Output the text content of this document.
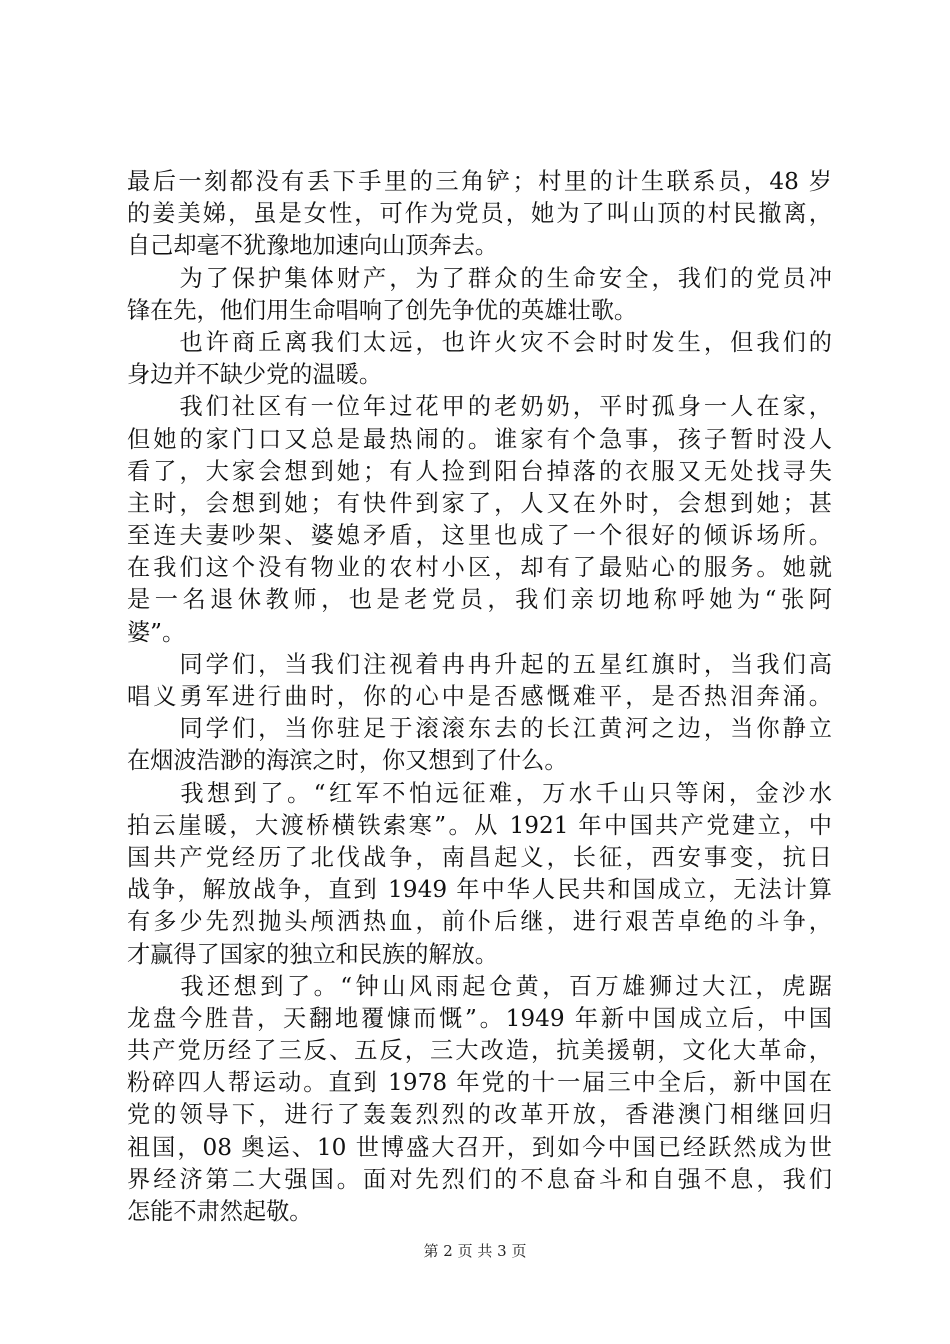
最后一刻都没有丢下手里的三角铲；村里的计生联系员，48 岁
的姜美娣，虽是女性，可作为党员，她为了叫山顶的村民撤离，
自己却毫不犹豫地加速向山顶奔去。
　　为了保护集体财产，为了群众的生命安全，我们的党员冲
锋在先，他们用生命唱响了创先争优的英雄壮歌。
　　也许商丘离我们太远，也许火灾不会时时发生，但我们的
身边并不缺少党的温暖。
　　我们社区有一位年过花甲的老奶奶，平时孤身一人在家，
但她的家门口又总是最热闹的。谁家有个急事，孩子暂时没人
看了，大家会想到她；有人捡到阳台掉落的衣服又无处找寻失
主时，会想到她；有快件到家了，人又在外时，会想到她；甚
至连夫妻吵架、婆媳矛盾，这里也成了一个很好的倾诉场所。
在我们这个没有物业的农村小区，却有了最贴心的服务。她就
是一名退休教师，也是老党员，我们亲切地称呼她为“张阿
婆”。
　　同学们，当我们注视着冉冉升起的五星红旗时，当我们高
唱义勇军进行曲时，你的心中是否感慨难平，是否热泪奔涌。
　　同学们，当你驻足于滚滚东去的长江黄河之边，当你静立
在烟波浩渺的海滨之时，你又想到了什么。
　　我想到了。“红军不怕远征难，万水千山只等闲，金沙水
拍云崖暖，大渡桥横铁索寒”。从 1921 年中国共产党建立，中
国共产党经历了北伐战争，南昌起义，长征，西安事变，抗日
战争，解放战争，直到 1949 年中华人民共和国成立，无法计算
有多少先烈抛头颅洒热血，前仆后继，进行艰苦卓绝的斗争，
才赢得了国家的独立和民族的解放。
　　我还想到了。“钟山风雨起仓黄，百万雄狮过大江，虎踞
龙盘今胜昔，天翻地覆慷而慨”。1949 年新中国成立后，中国
共产党历经了三反、五反，三大改造，抗美援朝，文化大革命，
粉碎四人帮运动。直到 1978 年党的十一届三中全后，新中国在
党的领导下，进行了轰轰烈烈的改革开放，香港澳门相继回归
祖国，08 奥运、10 世博盛大召开，到如今中国已经跃然成为世
界经济第二大强国。面对先烈们的不息奋斗和自强不息，我们
怎能不肃然起敬。
第 2 页 共 3 页
